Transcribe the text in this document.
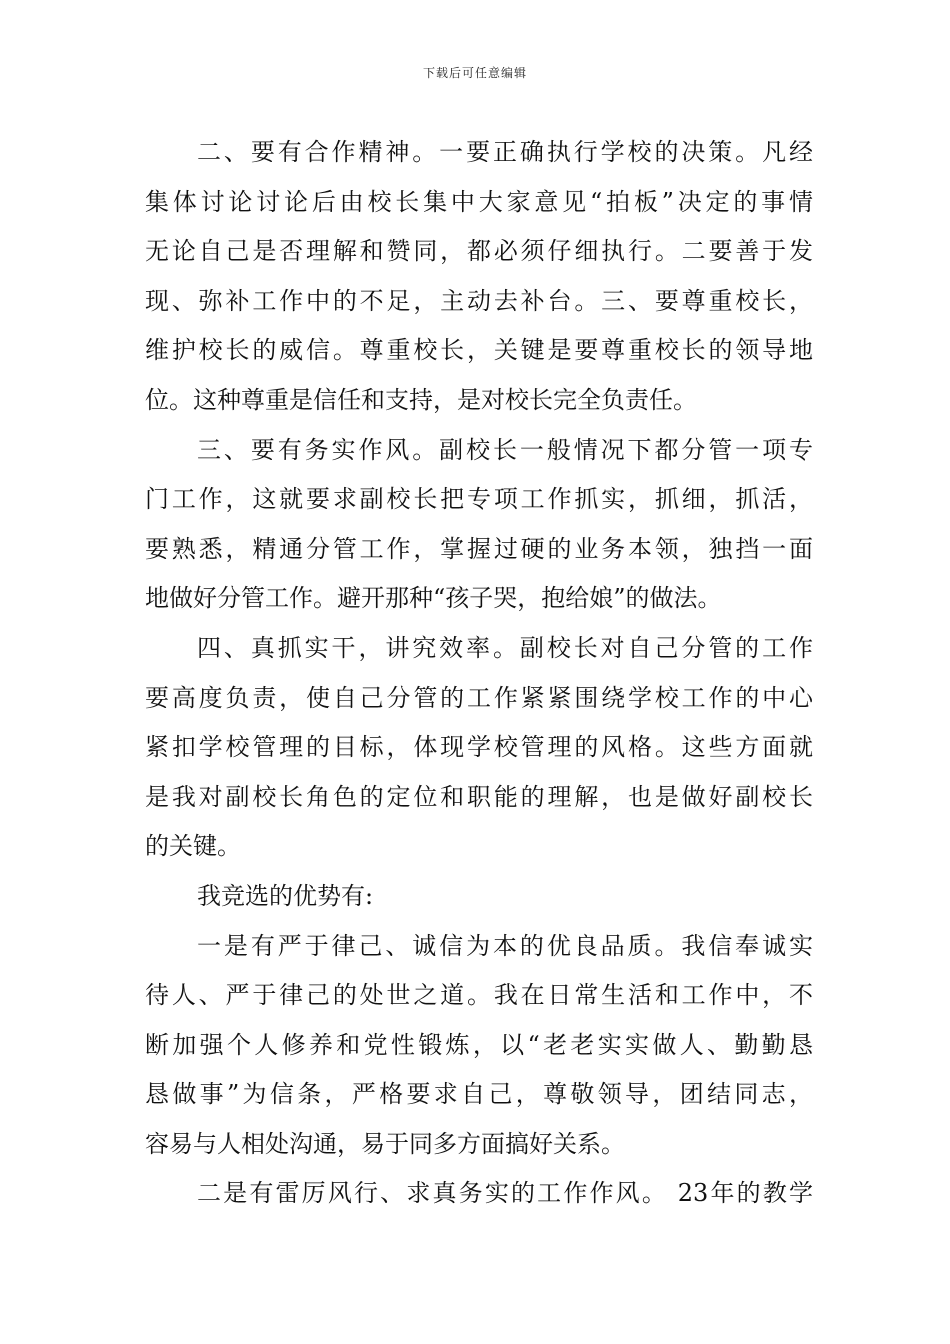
下载后可任意编辑
二、要有合作精神。一要正确执行学校的决策。凡经
集体讨论讨论后由校长集中大家意见“拍板”决定的事情
无论自己是否理解和赞同，都必须仔细执行。二要善于发
现、弥补工作中的不足，主动去补台。三、要尊重校长，
维护校长的威信。尊重校长，关键是要尊重校长的领导地
位。这种尊重是信任和支持，是对校长完全负责任。
三、要有务实作风。副校长一般情况下都分管一项专
门工作，这就要求副校长把专项工作抓实，抓细，抓活，
要熟悉，精通分管工作，掌握过硬的业务本领，独挡一面
地做好分管工作。避开那种“孩子哭，抱给娘”的做法。
四、真抓实干，讲究效率。副校长对自己分管的工作
要高度负责，使自己分管的工作紧紧围绕学校工作的中心
紧扣学校管理的目标，体现学校管理的风格。这些方面就
是我对副校长角色的定位和职能的理解，也是做好副校长
的关键。
我竞选的优势有:
一是有严于律己、诚信为本的优良品质。我信奉诚实
待人、严于律己的处世之道。我在日常生活和工作中，不
断加强个人修养和党性锻炼，以“老老实实做人、勤勤恳
恳做事”为信条，严格要求自己，尊敬领导，团结同志，
容易与人相处沟通，易于同多方面搞好关系。
二是有雷厉风行、求真务实的工作作风。 23年的教学
